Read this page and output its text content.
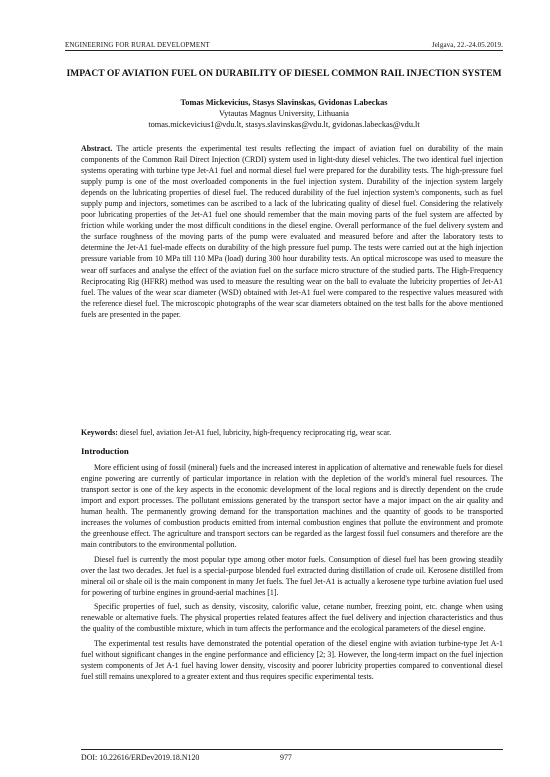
ENGINEERING FOR RURAL DEVELOPMENT	Jelgava, 22.-24.05.2019.
IMPACT OF AVIATION FUEL ON DURABILITY OF DIESEL COMMON RAIL INJECTION SYSTEM
Tomas Mickevicius, Stasys Slavinskas, Gvidonas Labeckas
Vytautas Magnus University, Lithuania
tomas.mickevicius1@vdu.lt, stasys.slavinskas@vdu.lt, gvidonas.labeckas@vdu.lt
Abstract. The article presents the experimental test results reflecting the impact of aviation fuel on durability of the main components of the Common Rail Direct Injection (CRDI) system used in light-duty diesel vehicles. The two identical fuel injection systems operating with turbine type Jet-A1 fuel and normal diesel fuel were prepared for the durability tests. The high-pressure fuel supply pump is one of the most overloaded components in the fuel injection system. Durability of the injection system largely depends on the lubricating properties of diesel fuel. The reduced durability of the fuel injection system's components, such as fuel supply pump and injectors, sometimes can be ascribed to a lack of the lubricating quality of diesel fuel. Considering the relatively poor lubricating properties of the Jet-A1 fuel one should remember that the main moving parts of the fuel system are affected by friction while working under the most difficult conditions in the diesel engine. Overall performance of the fuel delivery system and the surface roughness of the moving parts of the pump were evaluated and measured before and after the laboratory tests to determine the Jet-A1 fuel-made effects on durability of the high pressure fuel pump. The tests were carried out at the high injection pressure variable from 10 MPa till 110 MPa (load) during 300 hour durability tests. An optical microscope was used to measure the wear off surfaces and analyse the effect of the aviation fuel on the surface micro structure of the studied parts. The High-Frequency Reciprocating Rig (HFRR) method was used to measure the resulting wear on the ball to evaluate the lubricity properties of Jet-A1 fuel. The values of the wear scar diameter (WSD) obtained with Jet-A1 fuel were compared to the respective values measured with the reference diesel fuel. The microscopic photographs of the wear scar diameters obtained on the test balls for the above mentioned fuels are presented in the paper.
Keywords: diesel fuel, aviation Jet-A1 fuel, lubricity, high-frequency reciprocating rig, wear scar.
Introduction

More efficient using of fossil (mineral) fuels and the increased interest in application of alternative and renewable fuels for diesel engine powering are currently of particular importance in relation with the depletion of the world's mineral fuel resources. The transport sector is one of the key aspects in the economic development of the local regions and is directly dependent on the crude import and export processes. The pollutant emissions generated by the transport sector have a major impact on the air quality and human health. The permanently growing demand for the transportation machines and the quantity of goods to be transported increases the volumes of combustion products emitted from internal combustion engines that pollute the environment and promote the greenhouse effect. The agriculture and transport sectors can be regarded as the largest fossil fuel consumers and therefore are the main contributors to the environmental pollution.

Diesel fuel is currently the most popular type among other motor fuels. Consumption of diesel fuel has been growing steadily over the last two decades. Jet fuel is a special-purpose blended fuel extracted during distillation of crude oil. Kerosene distilled from mineral oil or shale oil is the main component in many Jet fuels. The fuel Jet-A1 is actually a kerosene type turbine aviation fuel used for powering of turbine engines in ground-aerial machines [1].

Specific properties of fuel, such as density, viscosity, calorific value, cetane number, freezing point, etc. change when using renewable or alternative fuels. The physical properties related features affect the fuel delivery and injection characteristics and thus the quality of the combustible mixture, which in turn affects the performance and the ecological parameters of the diesel engine.

The experimental test results have demonstrated the potential operation of the diesel engine with aviation turbine-type Jet A-1 fuel without significant changes in the engine performance and efficiency [2; 3]. However, the long-term impact on the fuel injection system components of Jet A-1 fuel having lower density, viscosity and poorer lubricity properties compared to conventional diesel fuel still remains unexplored to a greater extent and thus requires specific experimental tests.

DOI: 10.22616/ERDev2019.18.N120	977
